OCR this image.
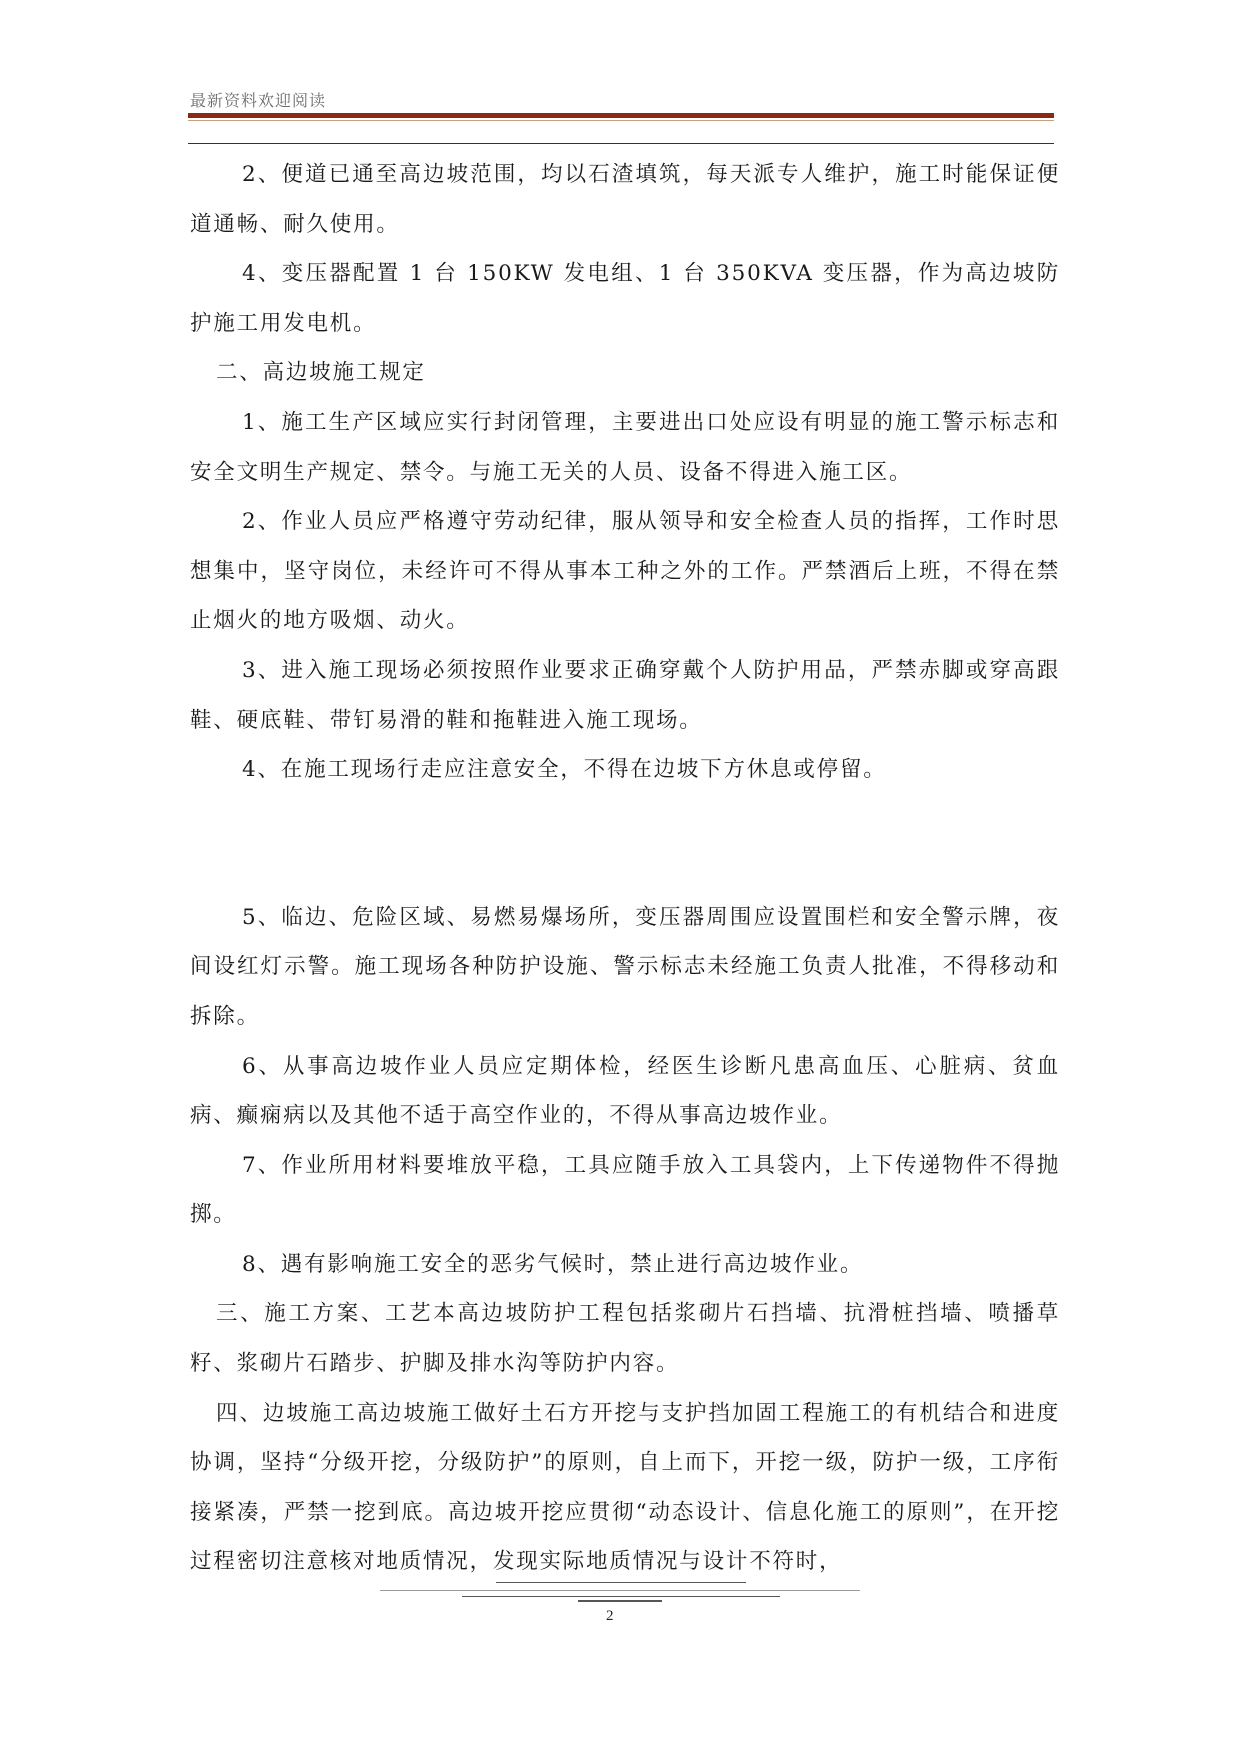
最新资料欢迎阅读

2、便道已通至高边坡范围，均以石渣填筑，每天派专人维护，施工时能保证便道通畅、耐久使用。

4、变压器配置 1 台 150KW 发电组、1 台 350KVA 变压器，作为高边坡防护施工用发电机。

二、高边坡施工规定

1、施工生产区域应实行封闭管理，主要进出口处应设有明显的施工警示标志和安全文明生产规定、禁令。与施工无关的人员、设备不得进入施工区。

2、作业人员应严格遵守劳动纪律，服从领导和安全检查人员的指挥，工作时思想集中，坚守岗位，未经许可不得从事本工种之外的工作。严禁酒后上班，不得在禁止烟火的地方吸烟、动火。

3、进入施工现场必须按照作业要求正确穿戴个人防护用品，严禁赤脚或穿高跟鞋、硬底鞋、带钉易滑的鞋和拖鞋进入施工现场。

4、在施工现场行走应注意安全，不得在边坡下方休息或停留。

5、临边、危险区域、易燃易爆场所，变压器周围应设置围栏和安全警示牌，夜间设红灯示警。施工现场各种防护设施、警示标志未经施工负责人批准，不得移动和拆除。

6、从事高边坡作业人员应定期体检，经医生诊断凡患高血压、心脏病、贫血病、癫痫病以及其他不适于高空作业的，不得从事高边坡作业。

7、作业所用材料要堆放平稳，工具应随手放入工具袋内，上下传递物件不得抛掷。

8、遇有影响施工安全的恶劣气候时，禁止进行高边坡作业。

三、施工方案、工艺本高边坡防护工程包括浆砌片石挡墙、抗滑桩挡墙、喷播草籽、浆砌片石踏步、护脚及排水沟等防护内容。

四、边坡施工高边坡施工做好土石方开挖与支护挡加固工程施工的有机结合和进度协调，坚持“分级开挖，分级防护”的原则，自上而下，开挖一级，防护一级，工序衔接紧凑，严禁一挖到底。高边坡开挖应贯彻“动态设计、信息化施工的原则”，在开挖过程密切注意核对地质情况，发现实际地质情况与设计不符时，

2
